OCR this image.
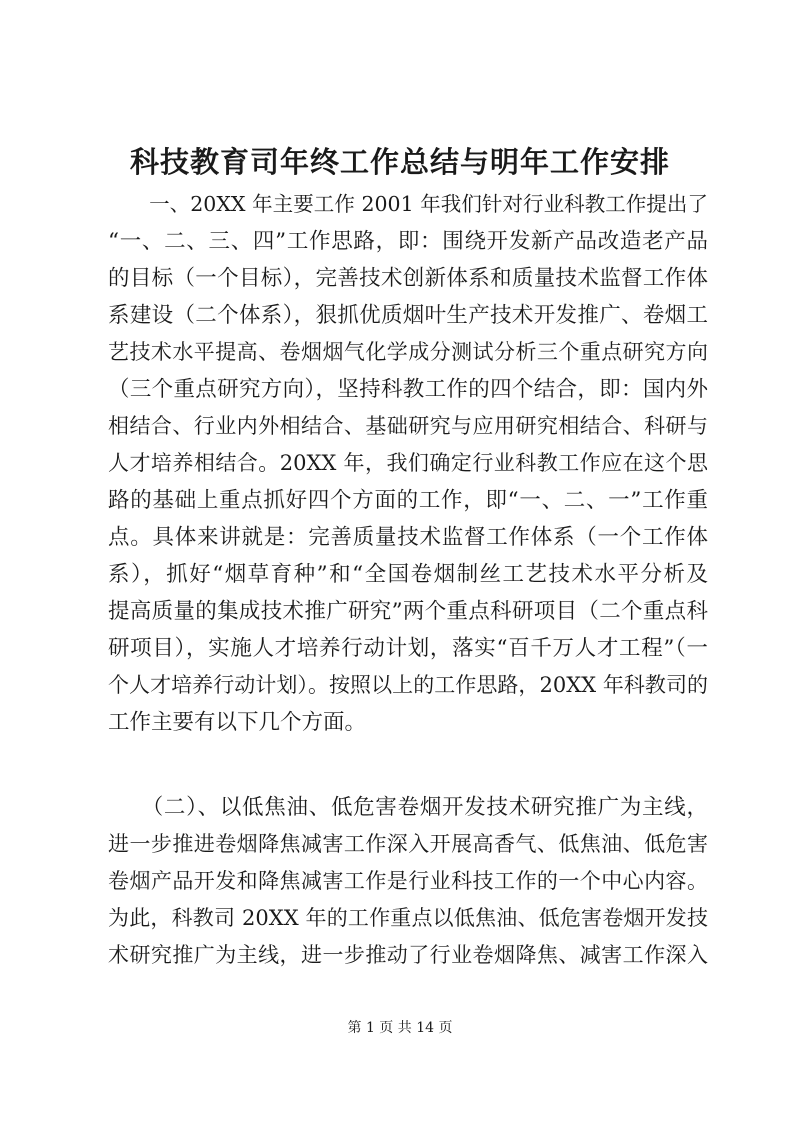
科技教育司年终工作总结与明年工作安排
　　一、20XX 年主要工作 2001 年我们针对行业科教工作提出了
“一、二、三、四”工作思路，即：围绕开发新产品改造老产品
的目标（一个目标），完善技术创新体系和质量技术监督工作体
系建设（二个体系），狠抓优质烟叶生产技术开发推广、卷烟工
艺技术水平提高、卷烟烟气化学成分测试分析三个重点研究方向
（三个重点研究方向），坚持科教工作的四个结合，即：国内外
相结合、行业内外相结合、基础研究与应用研究相结合、科研与
人才培养相结合。20XX 年，我们确定行业科教工作应在这个思
路的基础上重点抓好四个方面的工作，即“一、二、一”工作重
点。具体来讲就是：完善质量技术监督工作体系（一个工作体
系），抓好“烟草育种”和“全国卷烟制丝工艺技术水平分析及
提高质量的集成技术推广研究”两个重点科研项目（二个重点科
研项目），实施人才培养行动计划，落实“百千万人才工程”（一
个人才培养行动计划）。按照以上的工作思路，20XX 年科教司的
工作主要有以下几个方面。
　　（二）、以低焦油、低危害卷烟开发技术研究推广为主线，
进一步推进卷烟降焦减害工作深入开展高香气、低焦油、低危害
卷烟产品开发和降焦减害工作是行业科技工作的一个中心内容。
为此，科教司 20XX 年的工作重点以低焦油、低危害卷烟开发技
术研究推广为主线，进一步推动了行业卷烟降焦、减害工作深入
第 1 页 共 14 页
